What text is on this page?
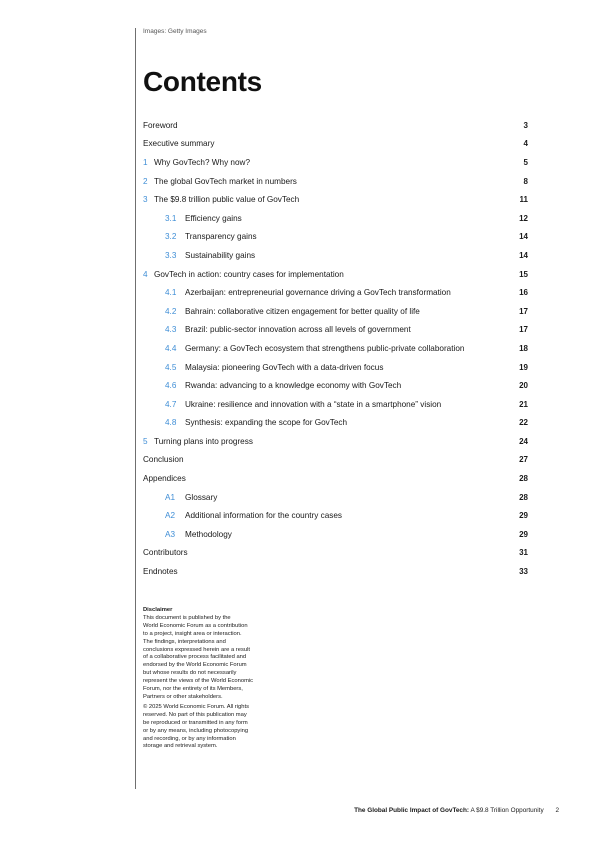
Images: Getty Images
Contents
Foreword	3
Executive summary	4
1 Why GovTech? Why now?	5
2 The global GovTech market in numbers	8
3 The $9.8 trillion public value of GovTech	11
3.1	Efficiency gains	12
3.2	Transparency gains	14
3.3	Sustainability gains	14
4 GovTech in action: country cases for implementation	15
4.1	Azerbaijan: entrepreneurial governance driving a GovTech transformation	16
4.2	Bahrain: collaborative citizen engagement for better quality of life	17
4.3	Brazil: public-sector innovation across all levels of government	17
4.4	Germany: a GovTech ecosystem that strengthens public-private collaboration	18
4.5	Malaysia: pioneering GovTech with a data-driven focus	19
4.6	Rwanda: advancing to a knowledge economy with GovTech	20
4.7	Ukraine: resilience and innovation with a “state in a smartphone” vision	21
4.8	Synthesis: expanding the scope for GovTech	22
5 Turning plans into progress	24
Conclusion	27
Appendices	28
A1	Glossary	28
A2	Additional information for the country cases	29
A3	Methodology	29
Contributors	31
Endnotes	33

Disclaimer

This document is published by the

World Economic Forum as a contribution

to a project, insight area or interaction.

The findings, interpretations and

conclusions expressed herein are a result

of a collaborative process facilitated and

endorsed by the World Economic Forum

but whose results do not necessarily

represent the views of the World Economic

Forum, nor the entirety of its Members,

Partners or other stakeholders.

© 2025 World Economic Forum. All rights

reserved. No part of this publication may

be reproduced or transmitted in any form

or by any means, including photocopying

and recording, or by any information

storage and retrieval system.

The Global Public Impact of GovTech: A $9.8 Trillion Opportunity 2
